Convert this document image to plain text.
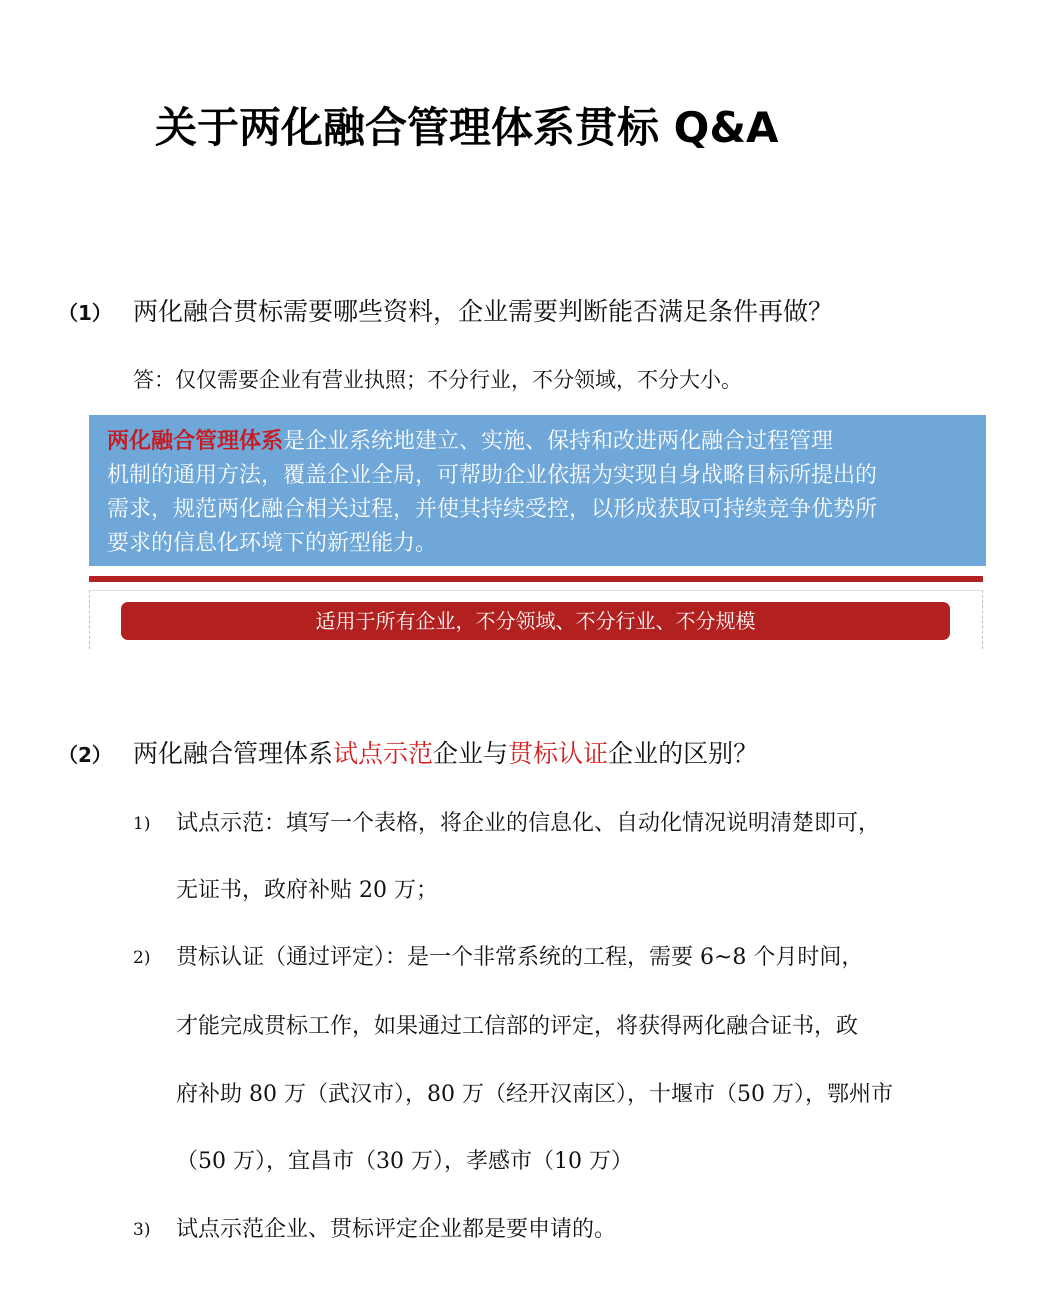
关于两化融合管理体系贯标 Q&A
（1） 两化融合贯标需要哪些资料，企业需要判断能否满足条件再做？
答：仅仅需要企业有营业执照；不分行业，不分领域，不分大小。
两化融合管理体系是企业系统地建立、实施、保持和改进两化融合过程管理
机制的通用方法，覆盖企业全局，可帮助企业依据为实现自身战略目标所提出的
需求，规范两化融合相关过程，并使其持续受控，以形成获取可持续竞争优势所
要求的信息化环境下的新型能力。
适用于所有企业，不分领域、不分行业、不分规模
（2） 两化融合管理体系试点示范企业与贯标认证企业的区别？
1) 试点示范：填写一个表格，将企业的信息化、自动化情况说明清楚即可，
无证书，政府补贴 20 万；
2) 贯标认证（通过评定）：是一个非常系统的工程，需要 6~8 个月时间，
才能完成贯标工作，如果通过工信部的评定，将获得两化融合证书，政
府补助 80 万（武汉市），80 万（经开汉南区），十堰市（50 万），鄂州市
（50 万），宜昌市（30 万），孝感市（10 万）
3) 试点示范企业、贯标评定企业都是要申请的。
